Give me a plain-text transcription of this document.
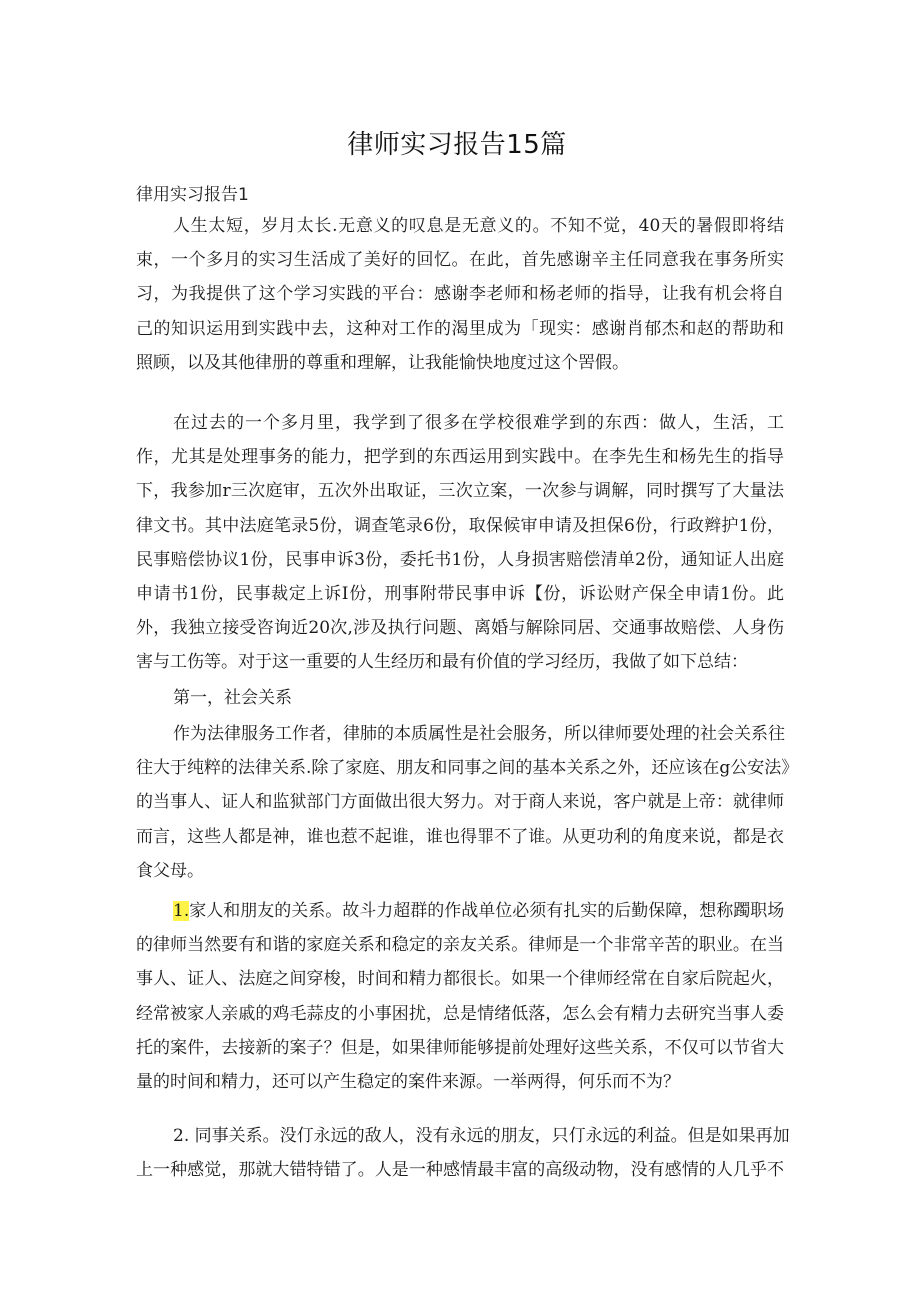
律师实习报告15篇
律用实习报告1

人生太短，岁月太长.无意义的叹息是无意义的。不知不觉，40天的暑假即将结
束，一个多月的实习生活成了美好的回忆。在此，首先感谢辛主任同意我在事务所实
习，为我提供了这个学习实践的平台：感谢李老师和杨老师的指导，让我有机会将自
己的知识运用到实践中去，这种对工作的渴里成为「现实：感谢肖郁杰和赵的帮助和
照顾，以及其他律册的尊重和理解，让我能愉快地度过这个罟假。

在过去的一个多月里，我学到了很多在学校很难学到的东西：做人，生活，工
作，尤其是处理事务的能力，把学到的东西运用到实践中。在李先生和杨先生的指导
下，我参加r三次庭审，五次外出取证，三次立案，一次参与调解，同时撰写了大量法
律文书。其中法庭笔录5份，调查笔录6份，取保候审申请及担保6份，行政辫护1份，
民事赔偿协议1份，民事申诉3份，委托书1份，人身损害赔偿清单2份，通知证人出庭
申请书1份，民事裁定上诉I份，刑事附带民事申诉【份，诉讼财产保全申请1份。此
外，我独立接受咨询近20次,涉及执行问题、离婚与解除同居、交通事故赔偿、人身伤
害与工伤等。对于这一重要的人生经历和最有价值的学习经历，我做了如下总结：

第一，社会关系

作为法律服务工作者，律肺的本质属性是社会服务，所以律师要处理的社会关系往
往大于纯粹的法律关系.除了家庭、朋友和同事之间的基本关系之外，还应该在g公安法》
的当事人、证人和监狱部门方面做出很大努力。对于商人来说，客户就是上帝：就律师
而言，这些人都是神，谁也惹不起谁，谁也得罪不了谁。从更功利的角度来说，都是衣
食父母。

1.家人和朋友的关系。故斗力超群的作战单位必须有扎实的后勤保障，想称躅职场
的律师当然要有和谐的家庭关系和稳定的亲友关系。律师是一个非常辛苦的职业。在当
事人、证人、法庭之间穿梭，时间和精力都很长。如果一个律师经常在自家后院起火，
经常被家人亲戚的鸡毛蒜皮的小事困扰，总是情绪低落，怎么会有精力去研究当事人委
托的案件，去接新的案子？但是，如果律师能够提前处理好这些关系，不仅可以节省大
量的时间和精力，还可以产生稳定的案件来源。一举两得，何乐而不为？

2. 同事关系。没仃永远的敌人，没有永远的朋友，只仃永远的利益。但是如果再加
上一种感觉，那就大错特错了。人是一种感情最丰富的高级动物，没有感情的人几乎不
